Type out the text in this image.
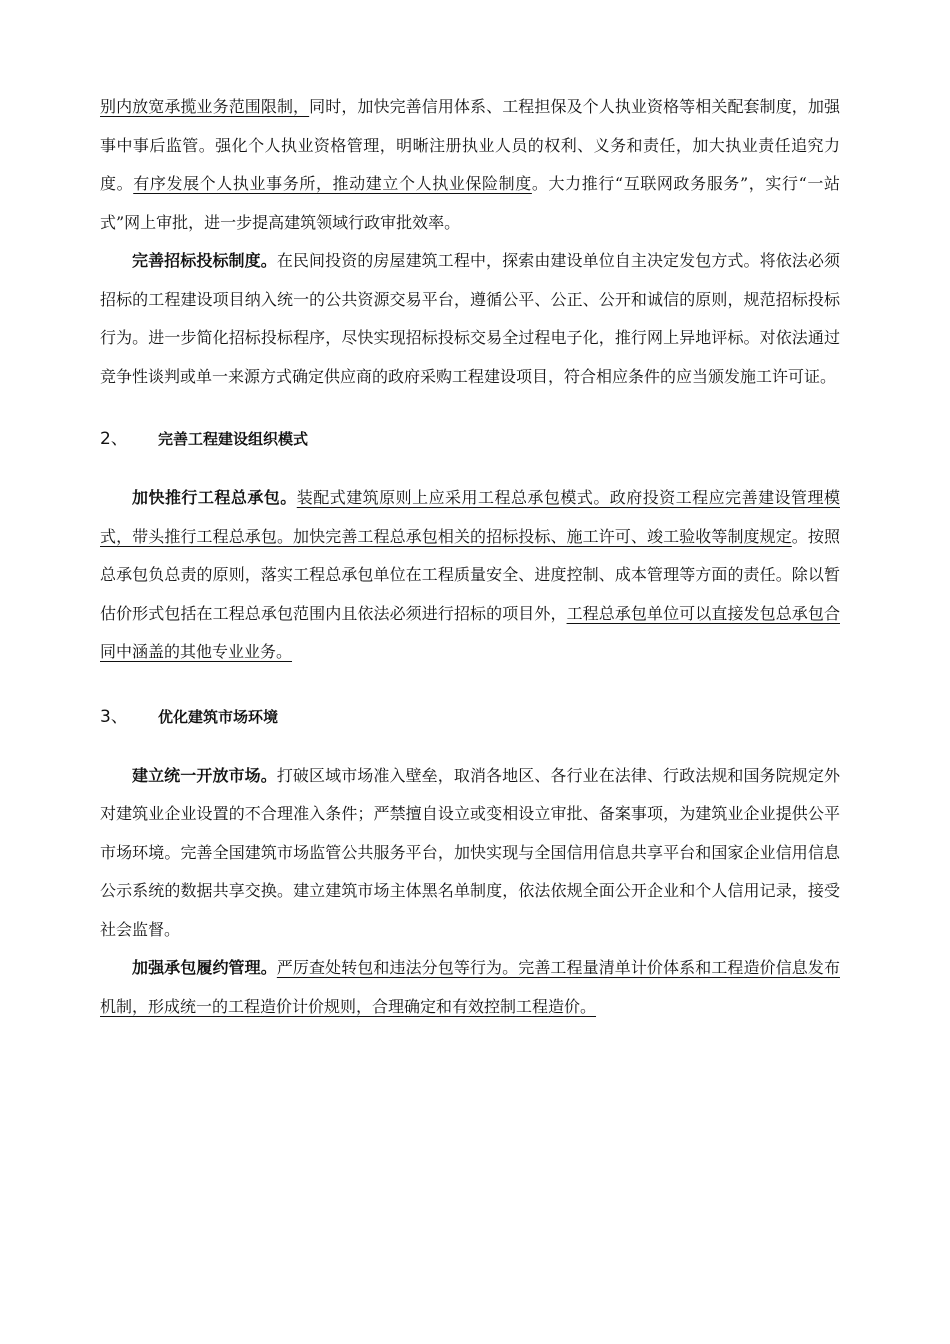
别内放宽承揽业务范围限制，同时，加快完善信用体系、工程担保及个人执业资格等相关配套制度，加强事中事后监管。强化个人执业资格管理，明晰注册执业人员的权利、义务和责任，加大执业责任追究力度。有序发展个人执业事务所，推动建立个人执业保险制度。大力推行“互联网政务服务”，实行“一站式”网上审批，进一步提高建筑领域行政审批效率。

完善招标投标制度。在民间投资的房屋建筑工程中，探索由建设单位自主决定发包方式。将依法必须招标的工程建设项目纳入统一的公共资源交易平台，遵循公平、公正、公开和诚信的原则，规范招标投标行为。进一步简化招标投标程序，尽快实现招标投标交易全过程电子化，推行网上异地评标。对依法通过竞争性谈判或单一来源方式确定供应商的政府采购工程建设项目，符合相应条件的应当颁发施工许可证。

2、	完善工程建设组织模式

加快推行工程总承包。装配式建筑原则上应采用工程总承包模式。政府投资工程应完善建设管理模式，带头推行工程总承包。加快完善工程总承包相关的招标投标、施工许可、竣工验收等制度规定。按照总承包负总责的原则，落实工程总承包单位在工程质量安全、进度控制、成本管理等方面的责任。除以暂估价形式包括在工程总承包范围内且依法必须进行招标的项目外，工程总承包单位可以直接发包总承包合同中涵盖的其他专业业务。

3、	优化建筑市场环境

建立统一开放市场。打破区域市场准入壁垒，取消各地区、各行业在法律、行政法规和国务院规定外对建筑业企业设置的不合理准入条件；严禁擅自设立或变相设立审批、备案事项，为建筑业企业提供公平市场环境。完善全国建筑市场监管公共服务平台，加快实现与全国信用信息共享平台和国家企业信用信息公示系统的数据共享交换。建立建筑市场主体黑名单制度，依法依规全面公开企业和个人信用记录，接受社会监督。

加强承包履约管理。严厉查处转包和违法分包等行为。完善工程量清单计价体系和工程造价信息发布机制，形成统一的工程造价计价规则，合理确定和有效控制工程造价。
